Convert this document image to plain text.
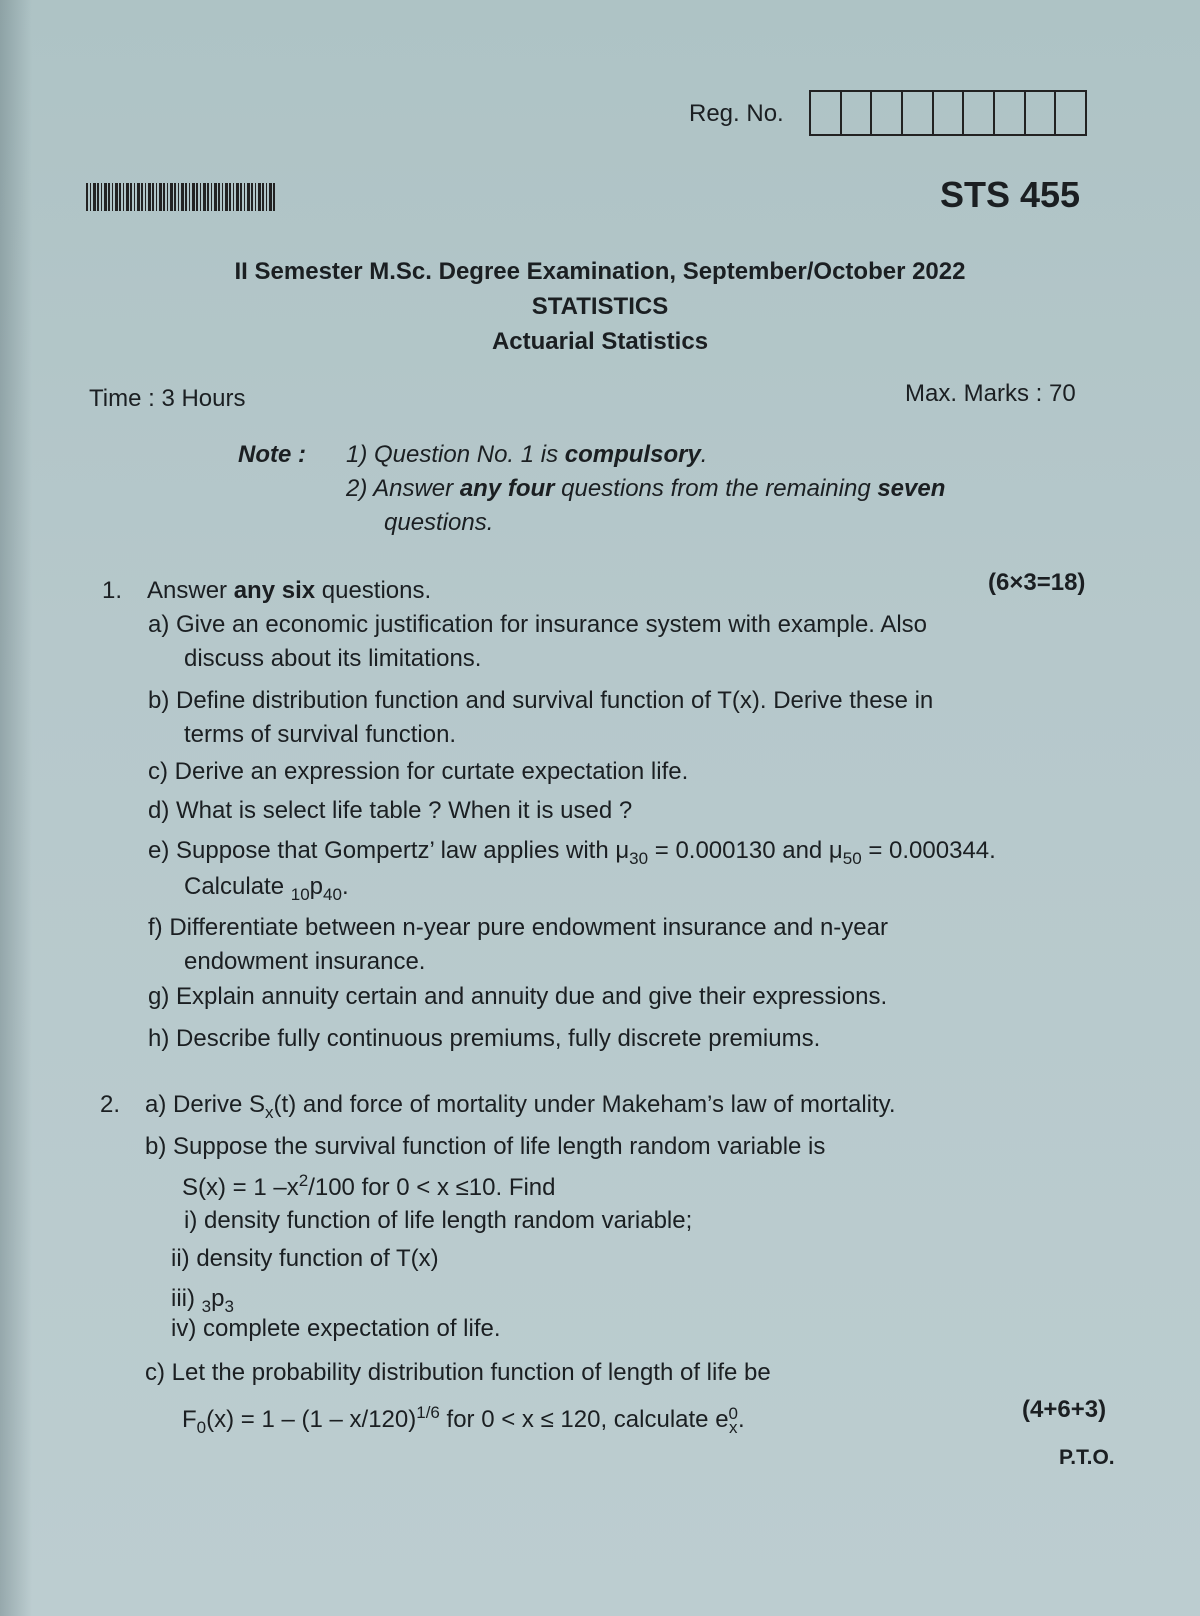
Reg. No.
STS 455
II Semester M.Sc. Degree Examination, September/October 2022
STATISTICS
Actuarial Statistics
Time : 3 Hours	Max. Marks : 70
Note : 1) Question No. 1 is compulsory.
2) Answer any four questions from the remaining seven
questions.
1. Answer any six questions.	(6×3=18)
a) Give an economic justification for insurance system with example. Also
discuss about its limitations.
b) Define distribution function and survival function of T(x). Derive these in
terms of survival function.
c) Derive an expression for curtate expectation life.
d) What is select life table ? When it is used ?
e) Suppose that Gompertz’ law applies with $\mu_{30} = 0.000130$ and $\mu_{50} = 0.000344$.
Calculate $_{10}p_{40}$.
f) Differentiate between n-year pure endowment insurance and n-year
endowment insurance.
g) Explain annuity certain and annuity due and give their expressions.
h) Describe fully continuous premiums, fully discrete premiums.
2. a) Derive $S_x(t)$ and force of mortality under Makeham’s law of mortality.
b) Suppose the survival function of life length random variable is
S(x) = 1 $-x^2/100$ for 0 < x ≤10. Find
i) density function of life length random variable;
ii) density function of T(x)
iii) $_3p_3$
iv) complete expectation of life.
c) Let the probability distribution function of length of life be
$F_0(x) = 1 - (1 - x/120)^{1/6}$ for 0 < x ≤ 120, calculate e 0
x .	(4+6+3)
P.T.O.
